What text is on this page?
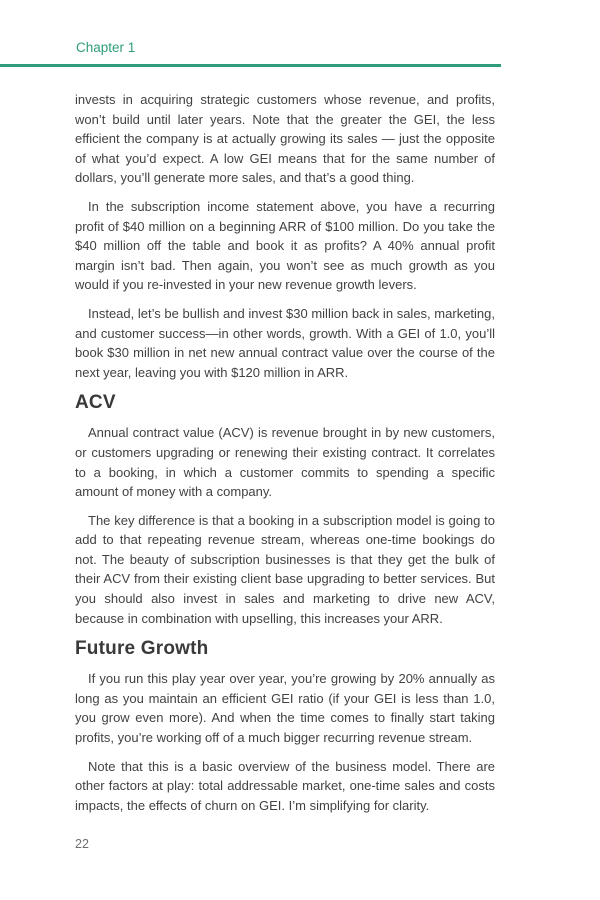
Chapter 1

invests in acquiring strategic customers whose revenue, and profits, won’t build until later years. Note that the greater the GEI, the less efficient the company is at actually growing its sales — just the opposite of what you’d expect. A low GEI means that for the same number of dollars, you’ll generate more sales, and that’s a good thing.

In the subscription income statement above, you have a recurring profit of $40 million on a beginning ARR of $100 million. Do you take the $40 million off the table and book it as profits? A 40% annual profit margin isn’t bad. Then again, you won’t see as much growth as you would if you re-invested in your new revenue growth levers.

Instead, let’s be bullish and invest $30 million back in sales, marketing, and customer success—in other words, growth. With a GEI of 1.0, you’ll book $30 million in net new annual contract value over the course of the next year, leaving you with $120 million in ARR.

ACV

Annual contract value (ACV) is revenue brought in by new customers, or customers upgrading or renewing their existing contract. It correlates to a booking, in which a customer commits to spending a specific amount of money with a company.

The key difference is that a booking in a subscription model is going to add to that repeating revenue stream, whereas one-time bookings do not. The beauty of subscription businesses is that they get the bulk of their ACV from their existing client base upgrading to better services. But you should also invest in sales and marketing to drive new ACV, because in combination with upselling, this increases your ARR.

Future Growth

If you run this play year over year, you’re growing by 20% annually as long as you maintain an efficient GEI ratio (if your GEI is less than 1.0, you grow even more). And when the time comes to finally start taking profits, you’re working off of a much bigger recurring revenue stream.

Note that this is a basic overview of the business model. There are other factors at play: total addressable market, one-time sales and costs impacts, the effects of churn on GEI. I’m simplifying for clarity.

22
